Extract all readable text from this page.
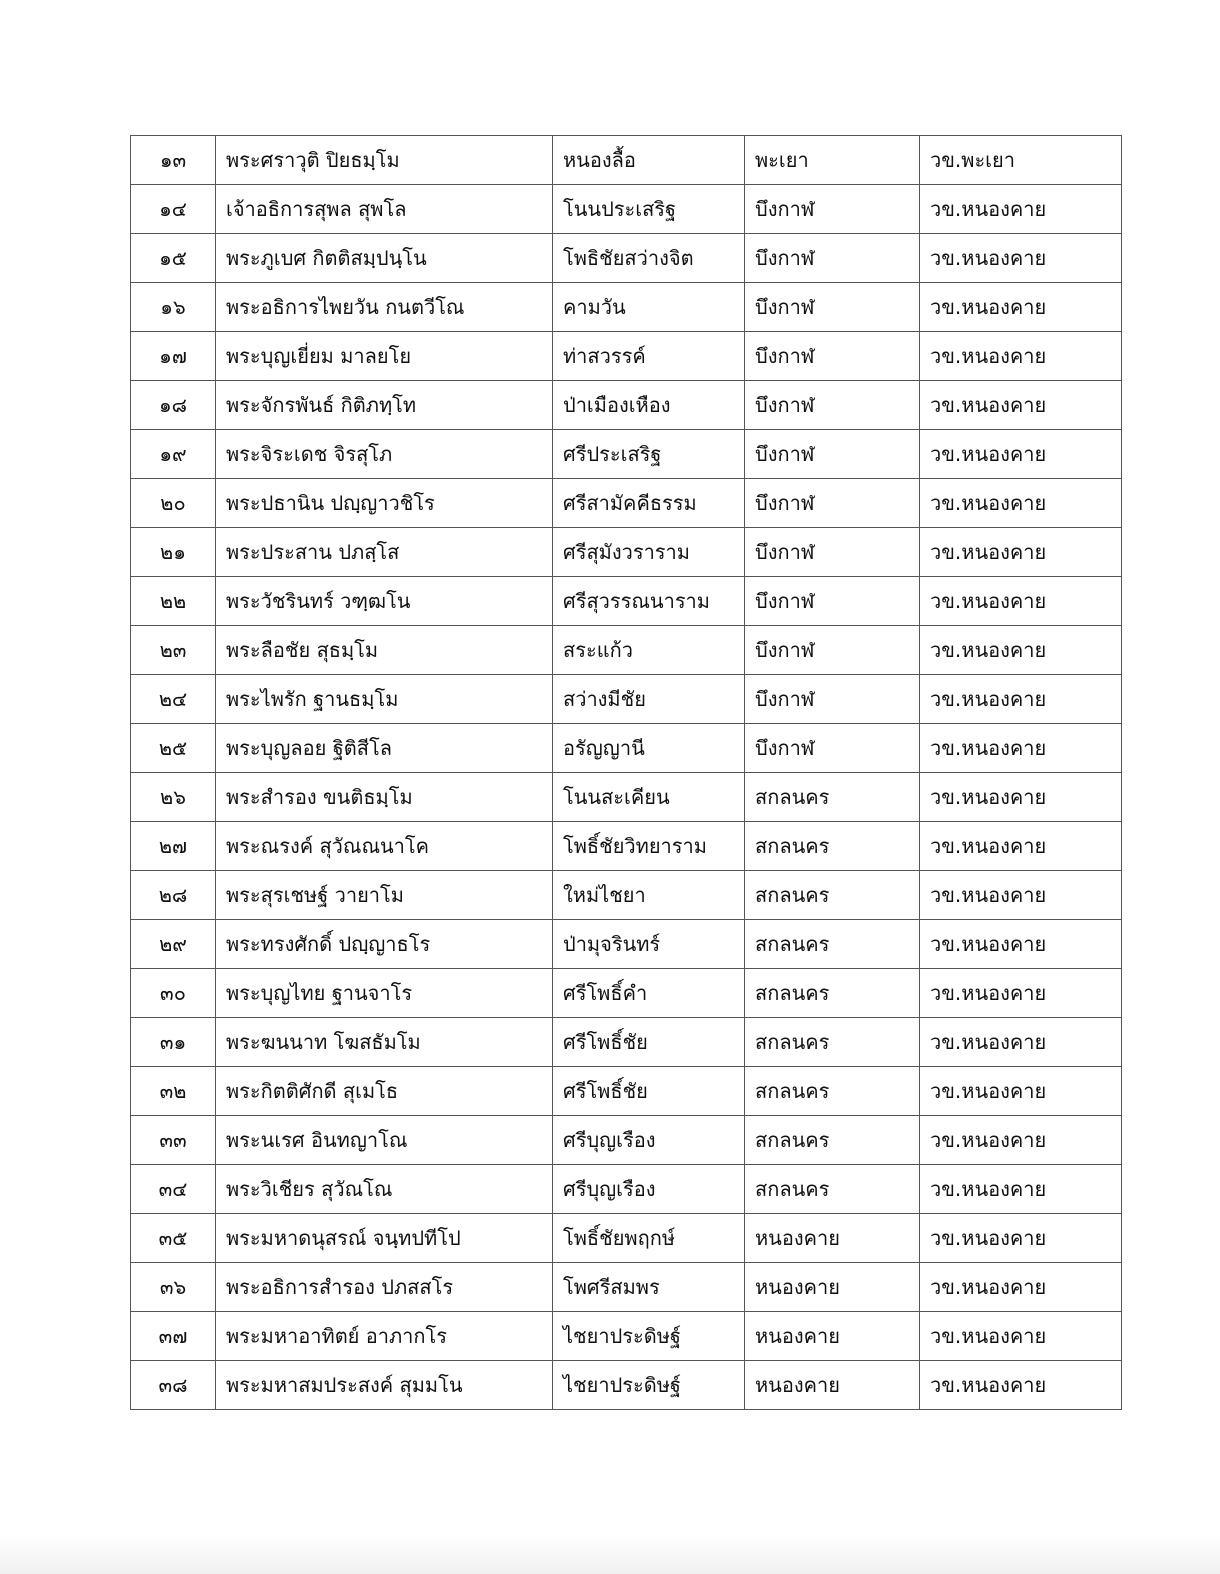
๑๓	พระศราวุติ ปิยธมฺโม	หนองลื้อ	พะเยา	วข.พะเยา
๑๔	เจ้าอธิการสุพล สุพโล	โนนประเสริฐ	บึงกาฬ	วข.หนองคาย
๑๕	พระภูเบศ กิตติสมฺปนฺโน	โพธิชัยสว่างจิต	บึงกาฬ	วข.หนองคาย
๑๖	พระอธิการไพยวัน กนตวีโณ	คามวัน	บึงกาฬ	วข.หนองคาย
๑๗	พระบุญเยี่ยม มาลยโย	ท่าสวรรค์	บึงกาฬ	วข.หนองคาย
๑๘	พระจักรพันธ์ กิติภทฺโท	ป่าเมืองเหือง	บึงกาฬ	วข.หนองคาย
๑๙	พระจิระเดช จิรสุโภ	ศรีประเสริฐ	บึงกาฬ	วข.หนองคาย
๒๐	พระปธานิน ปญฺญาวชิโร	ศรีสามัคคีธรรม	บึงกาฬ	วข.หนองคาย
๒๑	พระประสาน ปภสฺโส	ศรีสุมังวราราม	บึงกาฬ	วข.หนองคาย
๒๒	พระวัชรินทร์ วฑฺฒโน	ศรีสุวรรณนาราม	บึงกาฬ	วข.หนองคาย
๒๓	พระลือชัย สุธมฺโม	สระแก้ว	บึงกาฬ	วข.หนองคาย
๒๔	พระไพรัก ฐานธมฺโม	สว่างมีชัย	บึงกาฬ	วข.หนองคาย
๒๕	พระบุญลอย ฐิติสีโล	อรัญญานี	บึงกาฬ	วข.หนองคาย
๒๖	พระสำรอง ขนติธมฺโม	โนนสะเคียน	สกลนคร	วข.หนองคาย
๒๗	พระณรงค์ สุวัณณนาโค	โพธิ์ชัยวิทยาราม	สกลนคร	วข.หนองคาย
๒๘	พระสุรเชษฐ์ วายาโม	ใหม่ไชยา	สกลนคร	วข.หนองคาย
๒๙	พระทรงศักดิ์ ปญฺญาธโร	ป่ามุจรินทร์	สกลนคร	วข.หนองคาย
๓๐	พระบุญไทย ฐานจาโร	ศรีโพธิ์คำ	สกลนคร	วข.หนองคาย
๓๑	พระฆนนาท โฆสธัมโม	ศรีโพธิ์ชัย	สกลนคร	วข.หนองคาย
๓๒	พระกิตติศักดี สุเมโธ	ศรีโพธิ์ชัย	สกลนคร	วข.หนองคาย
๓๓	พระนเรศ อินทญาโณ	ศรีบุญเรือง	สกลนคร	วข.หนองคาย
๓๔	พระวิเชียร สุวัณโณ	ศรีบุญเรือง	สกลนคร	วข.หนองคาย
๓๕	พระมหาดนุสรณ์ จนฺทปทีโป	โพธิ์ชัยพฤกษ์	หนองคาย	วข.หนองคาย
๓๖	พระอธิการสำรอง ปภสสโร	โพศรีสมพร	หนองคาย	วข.หนองคาย
๓๗	พระมหาอาทิตย์ อาภากโร	ไชยาประดิษฐ์	หนองคาย	วข.หนองคาย
๓๘	พระมหาสมประสงค์ สุมมโน	ไชยาประดิษฐ์	หนองคาย	วข.หนองคาย
